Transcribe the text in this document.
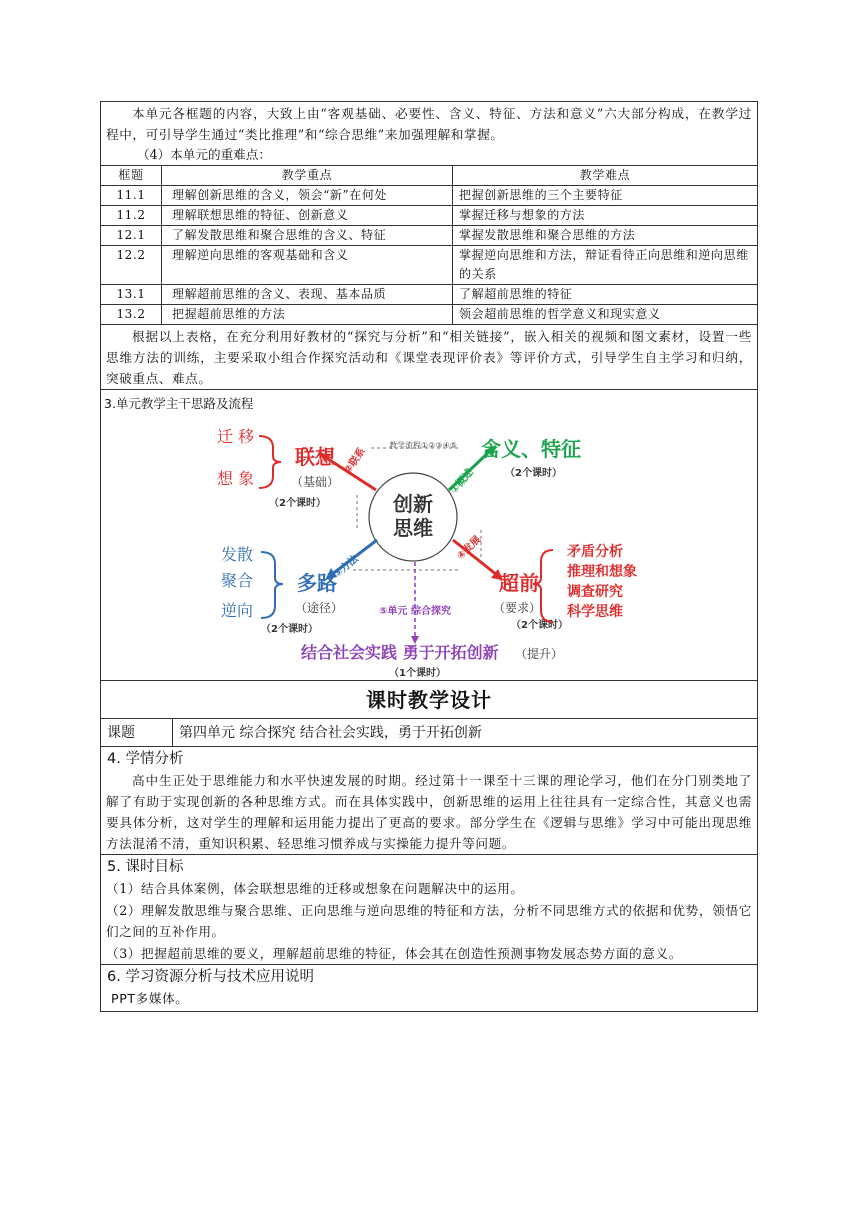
本单元各框题的内容，大致上由“客观基础、必要性、含义、特征、方法和意义”六大部分构成，在教学过程中，可引导学生通过“类比推理”和“综合思维”来加强理解和掌握。
（4）本单元的重难点：
框题	教学重点	教学难点
11.1	理解创新思维的含义，领会“新”在何处	把握创新思维的三个主要特征
11.2	理解联想思维的特征、创新意义	掌握迁移与想象的方法
12.1	了解发散思维和聚合思维的含义、特征	掌握发散思维和聚合思维的方法
12.2	理解逆向思维的客观基础和含义	掌握逆向思维和方法，辩证看待正向思维和逆向思维的关系
13.1	理解超前思维的含义、表现、基本品质	了解超前思维的特征
13.2	把握超前思维的方法	领会超前思维的哲学意义和现实意义
根据以上表格，在充分利用好教材的“探究与分析”和“相关链接”，嵌入相关的视频和图文素材，设置一些思维方法的训练，主要采取小组合作探究活动和《课堂表现评价表》等评价方式，引导学生自主学习和归纳，突破重点、难点。
3.单元教学主干思路及流程
创新
思维
教学流程①②③④⑤
②联系
①概述
③方法
④发展
迁 移
想 象
联想
（基础）
（2个课时）
含义、特征
（2个课时）
发散
聚合
逆向
多路
（途径）
（2个课时）
超前
（要求）
（2个课时）
矛盾分析
推理和想象
调查研究
科学思维
⑤单元 综合探究
结合社会实践 勇于开拓创新 （提升）
（1个课时）
课时教学设计
课题	第四单元 综合探究 结合社会实践，勇于开拓创新
4. 学情分析
高中生正处于思维能力和水平快速发展的时期。经过第十一课至十三课的理论学习，他们在分门别类地了解了有助于实现创新的各种思维方式。而在具体实践中，创新思维的运用上往往具有一定综合性，其意义也需要具体分析，这对学生的理解和运用能力提出了更高的要求。部分学生在《逻辑与思维》学习中可能出现思维方法混淆不清，重知识积累、轻思维习惯养成与实操能力提升等问题。
5. 课时目标
（1）结合具体案例，体会联想思维的迁移或想象在问题解决中的运用。
（2）理解发散思维与聚合思维、正向思维与逆向思维的特征和方法，分析不同思维方式的依据和优势，领悟它们之间的互补作用。
（3）把握超前思维的要义，理解超前思维的特征，体会其在创造性预测事物发展态势方面的意义。
6. 学习资源分析与技术应用说明
PPT多媒体。
